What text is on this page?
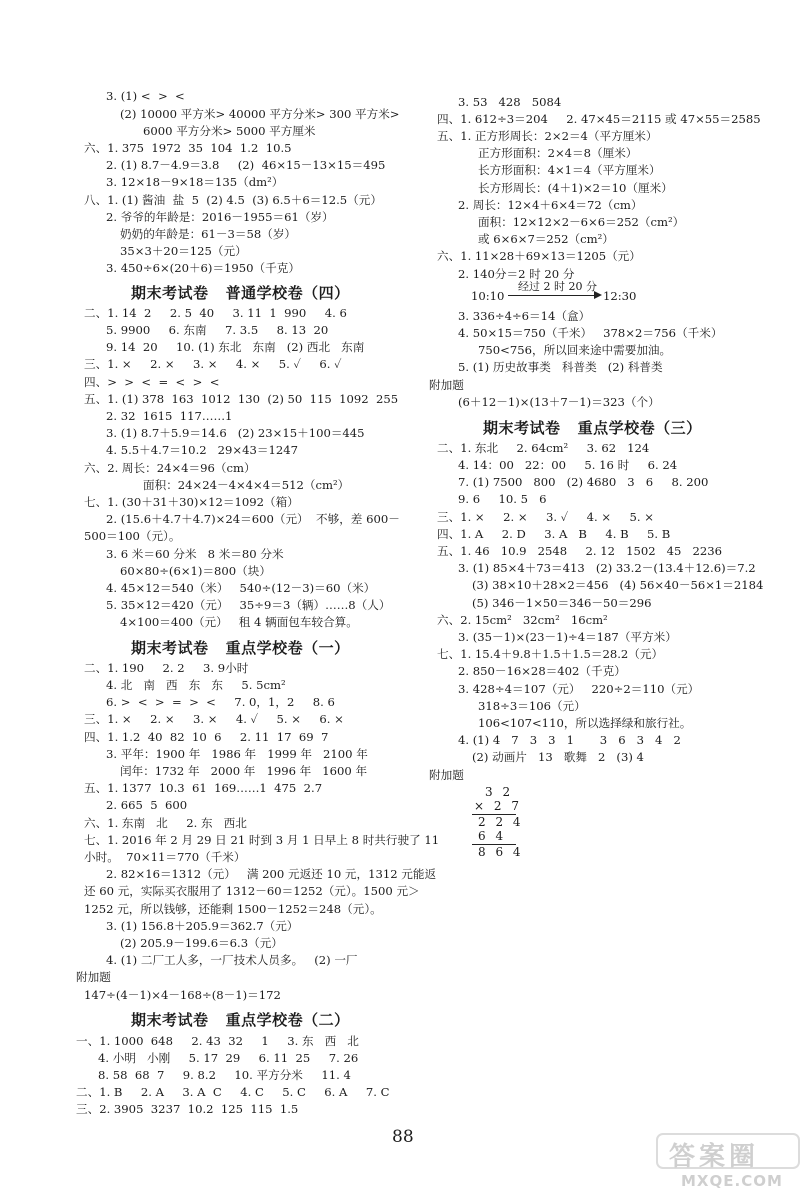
3. (1) <  >  <
(2) 10000 平方米> 40000 平方分米> 300 平方米>
6000 平方分米> 5000 平方厘米
六、1. 375  1972  35  104  1.2  10.5
2. (1) 8.7－4.9＝3.8     (2)  46×15－13×15＝495
3. 12×18－9×18＝135（dm²）
八、1. (1) 酱油  盐  5  (2) 4.5  (3) 6.5＋6＝12.5（元）
2. 爷爷的年龄是：2016－1955＝61（岁）
奶奶的年龄是：61－3＝58（岁）
35×3＋20＝125（元）
3. 450÷6×(20＋6)＝1950（千克）
期末考试卷   普通学校卷（四）
二、1. 14  2     2. 5  40     3. 11  1  990     4. 6
5. 9900     6. 东南     7. 3.5     8. 13  20
9. 14  20     10. (1) 东北   东南   (2) 西北   东南
三、1. ×     2. ×     3. ×     4. ×     5. ✓     6. ✓
四、>  >  <  =  <  >  <
五、1. (1) 378  163  1012  130  (2) 50  115  1092  255
2. 32  1615  117……1
3. (1) 8.7＋5.9＝14.6   (2) 23×15＋100＝445
4. 5.5＋4.7＝10.2   29×43＝1247
六、2. 周长：24×4＝96（cm）
面积：24×24－4×4×4＝512（cm²）
七、1. (30＋31＋30)×12＝1092（箱）
2. (15.6＋4.7＋4.7)×24＝600（元）  不够，差 600－
500＝100（元）。
3. 6 米＝60 分米   8 米＝80 分米
60×80÷(6×1)＝800（块）
4. 45×12＝540（米）   540÷(12－3)＝60（米）
5. 35×12＝420（元）   35÷9＝3（辆）……8（人）
4×100＝400（元）   租 4 辆面包车较合算。
期末考试卷   重点学校卷（一）
二、1. 190     2. 2     3. 9小时
4. 北   南   西   东   东     5. 5cm²
6. >  <  >  =  >  <     7. 0，1，2     8. 6
三、1. ×     2. ×     3. ×     4. ✓     5. ×     6. ×
四、1. 1.2  40  82  10  6     2. 11  17  69  7
3. 平年：1900 年   1986 年   1999 年   2100 年
闰年：1732 年   2000 年   1996 年   1600 年
五、1. 1377  10.3  61  169……1  475  2.7
2. 665  5  600
六、1. 东南   北     2. 东   西北
七、1. 2016 年 2 月 29 日 21 时到 3 月 1 日早上 8 时共行驶了 11
小时。  70×11＝770（千米）
2. 82×16＝1312（元）   满 200 元返还 10 元，1312 元能返
还 60 元，实际买衣服用了 1312－60＝1252（元）。1500 元＞
1252 元，所以钱够，还能剩 1500－1252＝248（元）。
3. (1) 156.8＋205.9＝362.7（元）
(2) 205.9－199.6＝6.3（元）
4. (1) 二厂工人多，一厂技术人员多。   (2) 一厂
附加题
147÷(4－1)×4－168÷(8－1)＝172
期末考试卷   重点学校卷（二）
一、1. 1000  648     2. 43  32     1     3. 东   西   北
4. 小明   小刚     5. 17  29     6. 11  25     7. 26
8. 58  68  7     9. 8.2     10. 平方分米     11. 4
二、1. B     2. A     3. A  C     4. C     5. C     6. A     7. C
三、2. 3905  3237  10.2  125  115  1.5
3. 53   428   5084
四、1. 612÷3＝204     2. 47×45＝2115 或 47×55＝2585
五、1. 正方形周长：2×2＝4（平方厘米）
正方形面积：2×4＝8（厘米）
长方形面积：4×1＝4（平方厘米）
长方形周长：(4＋1)×2＝10（厘米）
2. 周长：12×4＋6×4＝72（cm）
面积：12×12×2－6×6＝252（cm²）
或 6×6×7＝252（cm²）
六、1. 11×28＋69×13＝1205（元）
2. 140分＝2 时 20 分
10:10
经过 2 时 20 分
12:30
3. 336÷4÷6＝14（盒）
4. 50×15＝750（千米）   378×2＝756（千米）
750<756，所以回来途中需要加油。
5. (1) 历史故事类   科普类   (2) 科普类
附加题
(6＋12－1)×(13＋7－1)＝323（个）
期末考试卷   重点学校卷（三）
二、1. 东北     2. 64cm²     3. 62   124
4. 14：00   22：00     5. 16 时     6. 24
7. (1) 7500   800   (2) 4680   3   6     8. 200
9. 6     10. 5   6
三、1. ×     2. ×     3. ✓     4. ×     5. ×
四、1. A     2. D     3. A   B     4. B     5. B
五、1. 46   10.9   2548     2. 12   1502   45   2236
3. (1) 85×4＋73＝413   (2) 33.2－(13.4＋12.6)＝7.2
(3) 38×10＋28×2＝456   (4) 56×40－56×1＝2184
(5) 346－1×50＝346－50＝296
六、2. 15cm²   32cm²   16cm²
3. (35－1)×(23－1)÷4＝187（平方米）
七、1. 15.4＋9.8＋1.5＋1.5＝28.2（元）
2. 850－16×28＝402（千克）
3. 428÷4＝107（元）   220÷2＝110（元）
318÷3＝106（元）
106<107<110，所以选择绿和旅行社。
4. (1) 4   7   3   3   1       3   6   3   4   2
(2) 动画片   13   歌舞   2   (3) 4
附加题
3 2
× 2 7
2 2 4
6 4
8 6 4
88
答案圈
MXQE.COM
